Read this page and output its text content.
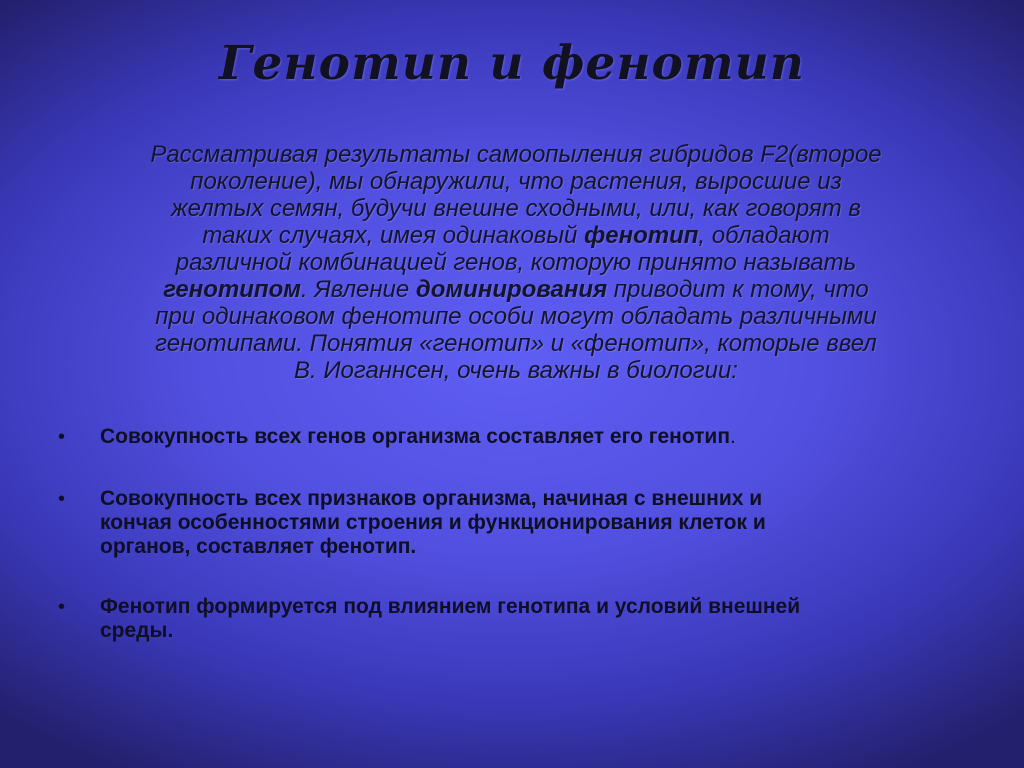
Генотип и фенотип
Рассматривая результаты самоопыления гибридов F2(второе
поколение), мы обнаружили, что растения, выросшие из
желтых семян, будучи внешне сходными, или, как говорят в
таких случаях, имея одинаковый фенотип, обладают
различной комбинацией генов, которую принято называть
генотипом. Явление доминирования приводит к тому, что
при одинаковом фенотипе особи могут обладать различными
генотипами. Понятия «генотип» и «фенотип», которые ввел
В. Иоганнсен, очень важны в биологии:
• Совокупность всех генов организма составляет его генотип.
• Совокупность всех признаков организма, начиная с внешних и
кончая особенностями строения и функционирования клеток и
органов, составляет фенотип.
• Фенотип формируется под влиянием генотипа и условий внешней
среды.
